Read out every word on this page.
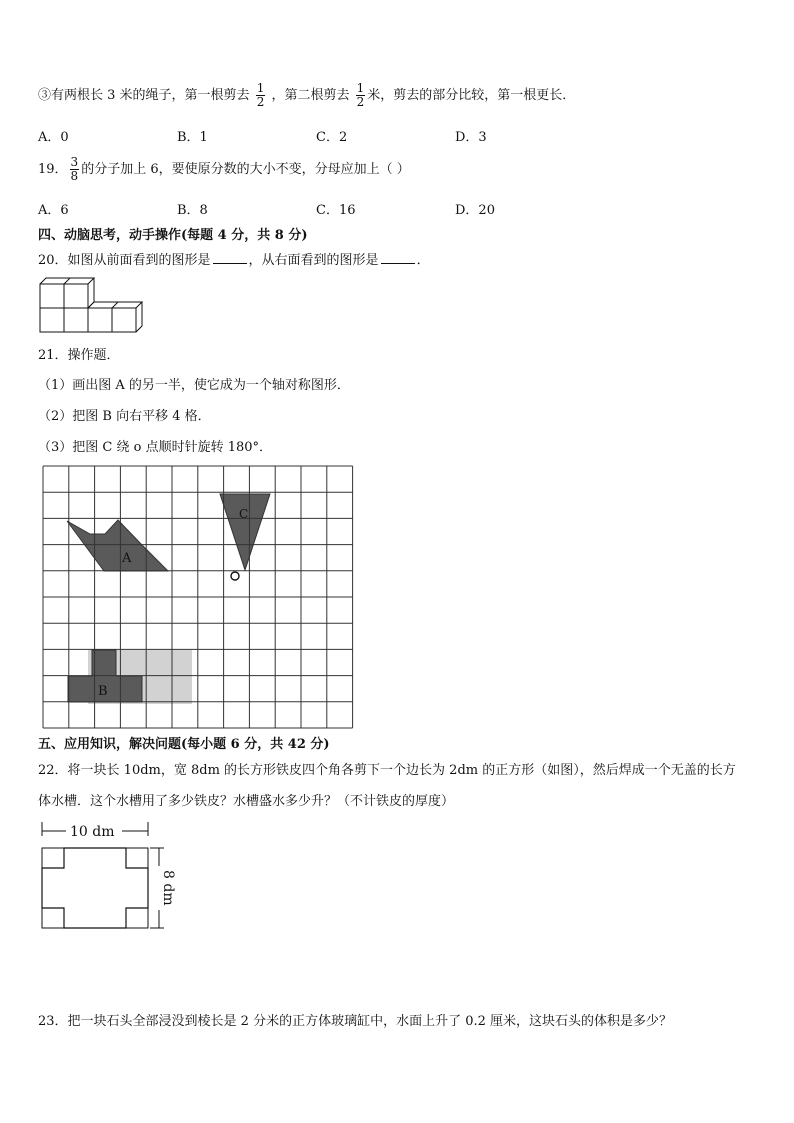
③有两根长 3 米的绳子，第一根剪去 $\frac{1}{2}$ ，第二根剪去 $\frac{1}{2}$ 米，剪去的部分比较，第一根更长．
A．0	B．1	C．2	D．3
19． $\frac{3}{8}$ 的分子加上 6，要使原分数的大小不变，分母应加上（ ）
A．6	B．8	C．16	D．20
四、动脑思考，动手操作(每题 4 分，共 8 分)
20．如图从前面看到的图形是	，从右面看到的图形是	．
21．操作题．
（1）画出图 A 的另一半，使它成为一个轴对称图形．
（2）把图 B 向右平移 4 格．
（3）把图 C 绕 o 点顺时针旋转 180°．
A
C
B
五、应用知识，解决问题(每小题 6 分，共 42 分)
22．将一块长 10dm，宽 8dm 的长方形铁皮四个角各剪下一个边长为 2dm 的正方形（如图），然后焊成一个无盖的长方
体水槽．这个水槽用了多少铁皮？水槽盛水多少升？（不计铁皮的厚度）
10 dm
8 dm
23．把一块石头全部浸没到棱长是 2 分米的正方体玻璃缸中，水面上升了 0.2 厘米，这块石头的体积是多少？
